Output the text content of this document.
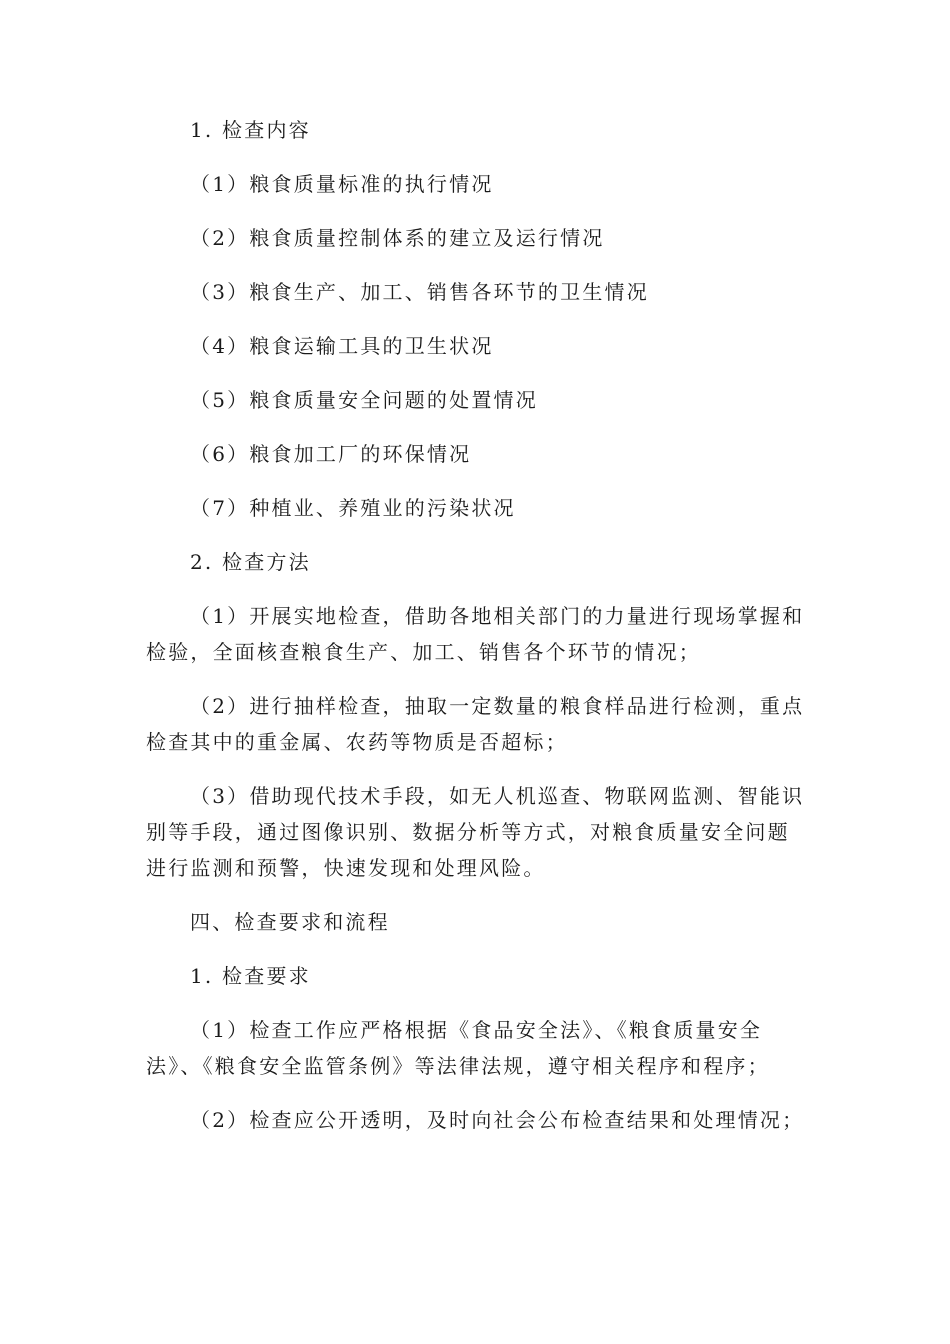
1. 检查内容

（1）粮食质量标准的执行情况

（2）粮食质量控制体系的建立及运行情况

（3）粮食生产、加工、销售各环节的卫生情况

（4）粮食运输工具的卫生状况

（5）粮食质量安全问题的处置情况

（6）粮食加工厂的环保情况

（7）种植业、养殖业的污染状况

2. 检查方法

（1）开展实地检查，借助各地相关部门的力量进行现场掌握和检验，全面核查粮食生产、加工、销售各个环节的情况；

（2）进行抽样检查，抽取一定数量的粮食样品进行检测，重点检查其中的重金属、农药等物质是否超标；

（3）借助现代技术手段，如无人机巡查、物联网监测、智能识别等手段，通过图像识别、数据分析等方式，对粮食质量安全问题进行监测和预警，快速发现和处理风险。

四、检查要求和流程

1. 检查要求

（1）检查工作应严格根据《食品安全法》、《粮食质量安全法》、《粮食安全监管条例》等法律法规，遵守相关程序和程序；

（2）检查应公开透明，及时向社会公布检查结果和处理情况；
